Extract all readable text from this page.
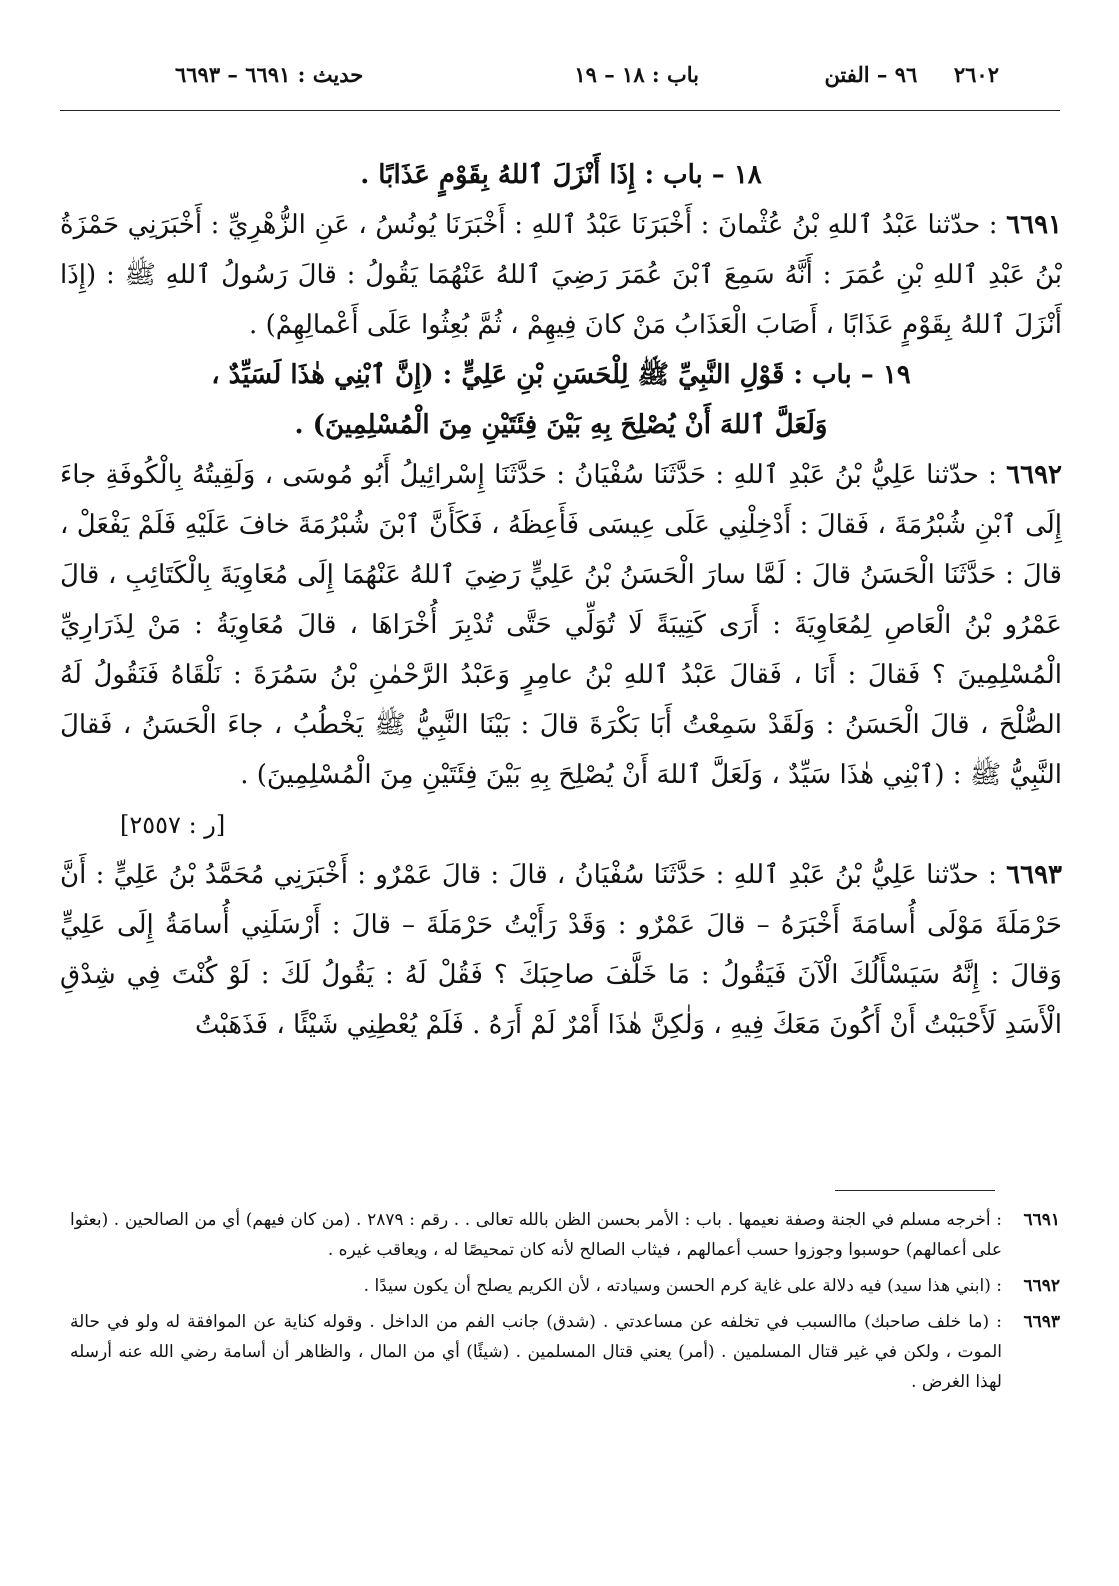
٢٦٠٢     ٩٦ – الفتن
باب : ١٨ – ١٩
حديث : ٦٦٩١ – ٦٦٩٣

١٨ – باب : إِذَا أَنْزَلَ ٱللهُ بِقَوْمٍ عَذَابًا .

٦٦٩١ : حدّثنا عَبْدُ ٱللهِ بْنُ عُثْمانَ : أَخْبَرَنَا عَبْدُ ٱللهِ : أَخْبَرَنَا يُونُسُ ، عَنِ الزُّهْرِيِّ : أَخْبَرَنِي حَمْزَةُ بْنُ عَبْدِ ٱللهِ بْنِ عُمَرَ : أَنَّهُ سَمِعَ ٱبْنَ عُمَرَ رَضِيَ ٱللهُ عَنْهُمَا يَقُولُ : قالَ رَسُولُ ٱللهِ ﷺ : (إِذَا أَنْزَلَ ٱللهُ بِقَوْمٍ عَذَابًا ، أَصَابَ الْعَذَابُ مَنْ كانَ فِيهِمْ ، ثُمَّ بُعِثُوا عَلَى أَعْمالِهِمْ) .

١٩ – باب : قَوْلِ النَّبِيِّ ﷺ لِلْحَسَنِ بْنِ عَلِيٍّ : (إِنَّ ٱبْنِي هٰذَا لَسَيِّدٌ ،

وَلَعَلَّ ٱللهَ أَنْ يُصْلِحَ بِهِ بَيْنَ فِئَتَيْنِ مِنَ الْمُسْلِمِينَ) .

٦٦٩٢ : حدّثنا عَلِيُّ بْنُ عَبْدِ ٱللهِ : حَدَّثَنَا سُفْيَانُ : حَدَّثَنَا إِسْرائِيلُ أَبُو مُوسَى ، وَلَقِيتُهُ بِالْكُوفَةِ جاءَ إِلَى ٱبْنِ شُبْرُمَةَ ، فَقالَ : أَدْخِلْنِي عَلَى عِيسَى فَأَعِظَهُ ، فَكَأَنَّ ٱبْنَ شُبْرُمَةَ خافَ عَلَيْهِ فَلَمْ يَفْعَلْ ، قالَ : حَدَّثَنَا الْحَسَنُ قالَ : لَمَّا سارَ الْحَسَنُ بْنُ عَلِيٍّ رَضِيَ ٱللهُ عَنْهُمَا إِلَى مُعَاوِيَةَ بِالْكَتَائِبِ ، قالَ عَمْرُو بْنُ الْعَاصِ لِمُعَاوِيَةَ : أَرَى كَتِيبَةً لَا تُوَلِّي حَتَّى تُدْبِرَ أُخْرَاهَا ، قالَ مُعَاوِيَةُ : مَنْ لِذَرَارِيِّ الْمُسْلِمِينَ ؟ فَقالَ : أَنَا ، فَقالَ عَبْدُ ٱللهِ بْنُ عامِرٍ وَعَبْدُ الرَّحْمٰنِ بْنُ سَمُرَةَ : نَلْقَاهُ فَنَقُولُ لَهُ الصُّلْحَ ، قالَ الْحَسَنُ : وَلَقَدْ سَمِعْتُ أَبَا بَكْرَةَ قالَ : بَيْنَا النَّبِيُّ ﷺ يَخْطُبُ ، جاءَ الْحَسَنُ ، فَقالَ النَّبِيُّ ﷺ : (ٱبْنِي هٰذَا سَيِّدٌ ، وَلَعَلَّ ٱللهَ أَنْ يُصْلِحَ بِهِ بَيْنَ فِئَتَيْنِ مِنَ الْمُسْلِمِينَ) .

[ر : ٢٥٥٧]

٦٦٩٣ : حدّثنا عَلِيُّ بْنُ عَبْدِ ٱللهِ : حَدَّثَنَا سُفْيَانُ ، قالَ : قالَ عَمْرٌو : أَخْبَرَنِي مُحَمَّدُ بْنُ عَلِيٍّ : أَنَّ حَرْمَلَةَ مَوْلَى أُسامَةَ أَخْبَرَهُ – قالَ عَمْرٌو : وَقَدْ رَأَيْتُ حَرْمَلَةَ – قالَ : أَرْسَلَنِي أُسامَةُ إِلَى عَلِيٍّ وَقالَ : إِنَّهُ سَيَسْأَلُكَ الْآنَ فَيَقُولُ : مَا خَلَّفَ صاحِبَكَ ؟ فَقُلْ لَهُ : يَقُولُ لَكَ : لَوْ كُنْتَ فِي شِدْقِ الْأَسَدِ لَأَحْبَبْتُ أَنْ أَكُونَ مَعَكَ فِيهِ ، وَلٰكِنَّ هٰذَا أَمْرٌ لَمْ أَرَهُ . فَلَمْ يُعْطِنِي شَيْئًا ، فَذَهَبْتُ

٦٦٩١
: أخرجه مسلم في الجنة وصفة نعيمها . باب : الأمر بحسن الظن بالله تعالى . . رقم : ٢٨٧٩ . (من كان فيهم) أي من الصالحين . (بعثوا على أعمالهم) حوسبوا وجوزوا حسب أعمالهم ، فيثاب الصالح لأنه كان تمحيصًا له ، ويعاقب غيره .

٦٦٩٢
: (ابني هذا سيد) فيه دلالة على غاية كرم الحسن وسيادته ، لأن الكريم يصلح أن يكون سيدًا .

٦٦٩٣
: (ما خلف صاحبك) ماالسبب في تخلفه عن مساعدتي . (شدق) جانب الفم من الداخل . وقوله كناية عن الموافقة له ولو في حالة الموت ، ولكن في غير قتال المسلمين . (أمر) يعني قتال المسلمين . (شيئًا) أي من المال ، والظاهر أن أسامة رضي الله عنه أرسله لهذا الغرض .
